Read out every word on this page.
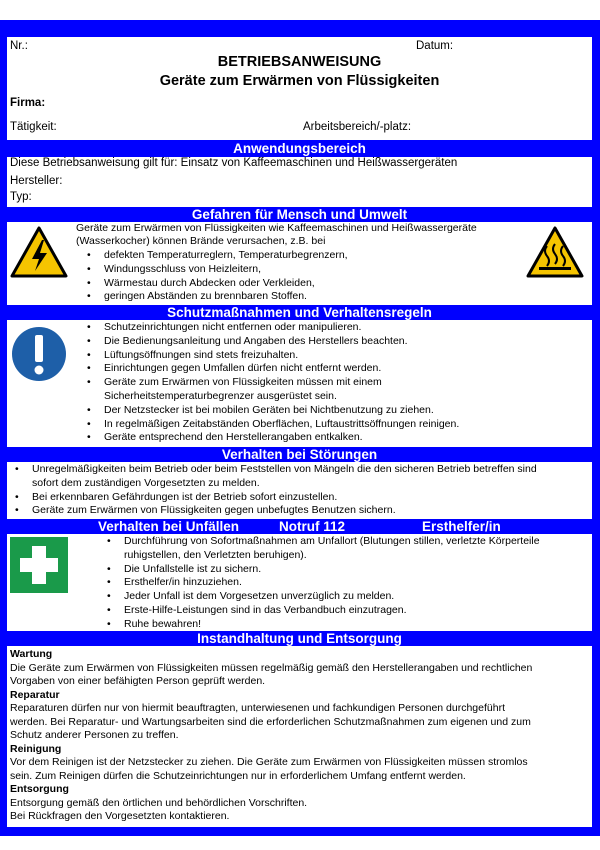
Nr.:	Datum:
BETRIEBSANWEISUNG
Geräte zum Erwärmen von Flüssigkeiten
Firma:
Tätigkeit:	Arbeitsbereich/-platz:
Anwendungsbereich
Diese Betriebsanweisung gilt für: Einsatz von Kaffeemaschinen und Heißwassergeräten
Hersteller:
Typ:
Gefahren für Mensch und Umwelt
Geräte zum Erwärmen von Flüssigkeiten wie Kaffeemaschinen und Heißwassergeräte
(Wasserkocher) können Brände verursachen, z.B. bei
• defekten Temperaturreglern, Temperaturbegrenzern,
• Windungsschluss von Heizleitern,
• Wärmestau durch Abdecken oder Verkleiden,
• geringen Abständen zu brennbaren Stoffen.
Schutzmaßnahmen und Verhaltensregeln
• Schutzeinrichtungen nicht entfernen oder manipulieren.
• Die Bedienungsanleitung und Angaben des Herstellers beachten.
• Lüftungsöffnungen sind stets freizuhalten.
• Einrichtungen gegen Umfallen dürfen nicht entfernt werden.
• Geräte zum Erwärmen von Flüssigkeiten müssen mit einem
Sicherheitstemperaturbegrenzer ausgerüstet sein.
• Der Netzstecker ist bei mobilen Geräten bei Nichtbenutzung zu ziehen.
• In regelmäßigen Zeitabständen Oberflächen, Luftaustrittsöffnungen reinigen.
• Geräte entsprechend den Herstellerangaben entkalken.
Verhalten bei Störungen
• Unregelmäßigkeiten beim Betrieb oder beim Feststellen von Mängeln die den sicheren Betrieb betreffen sind
sofort dem zuständigen Vorgesetzten zu melden.
• Bei erkennbaren Gefährdungen ist der Betrieb sofort einzustellen.
• Geräte zum Erwärmen von Flüssigkeiten gegen unbefugtes Benutzen sichern.
Verhalten bei Unfällen	Notruf 112	Ersthelfer/in
• Durchführung von Sofortmaßnahmen am Unfallort (Blutungen stillen, verletzte Körperteile
ruhigstellen, den Verletzten beruhigen).
• Die Unfallstelle ist zu sichern.
• Ersthelfer/in hinzuziehen.
• Jeder Unfall ist dem Vorgesetzen unverzüglich zu melden.
• Erste-Hilfe-Leistungen sind in das Verbandbuch einzutragen.
• Ruhe bewahren!
Instandhaltung und Entsorgung
Wartung
Die Geräte zum Erwärmen von Flüssigkeiten müssen regelmäßig gemäß den Herstellerangaben und rechtlichen
Vorgaben von einer befähigten Person geprüft werden.
Reparatur
Reparaturen dürfen nur von hiermit beauftragten, unterwiesenen und fachkundigen Personen durchgeführt
werden. Bei Reparatur- und Wartungsarbeiten sind die erforderlichen Schutzmaßnahmen zum eigenen und zum
Schutz anderer Personen zu treffen.
Reinigung
Vor dem Reinigen ist der Netzstecker zu ziehen. Die Geräte zum Erwärmen von Flüssigkeiten müssen stromlos
sein. Zum Reinigen dürfen die Schutzeinrichtungen nur in erforderlichem Umfang entfernt werden.
Entsorgung
Entsorgung gemäß den örtlichen und behördlichen Vorschriften.
Bei Rückfragen den Vorgesetzten kontaktieren.
